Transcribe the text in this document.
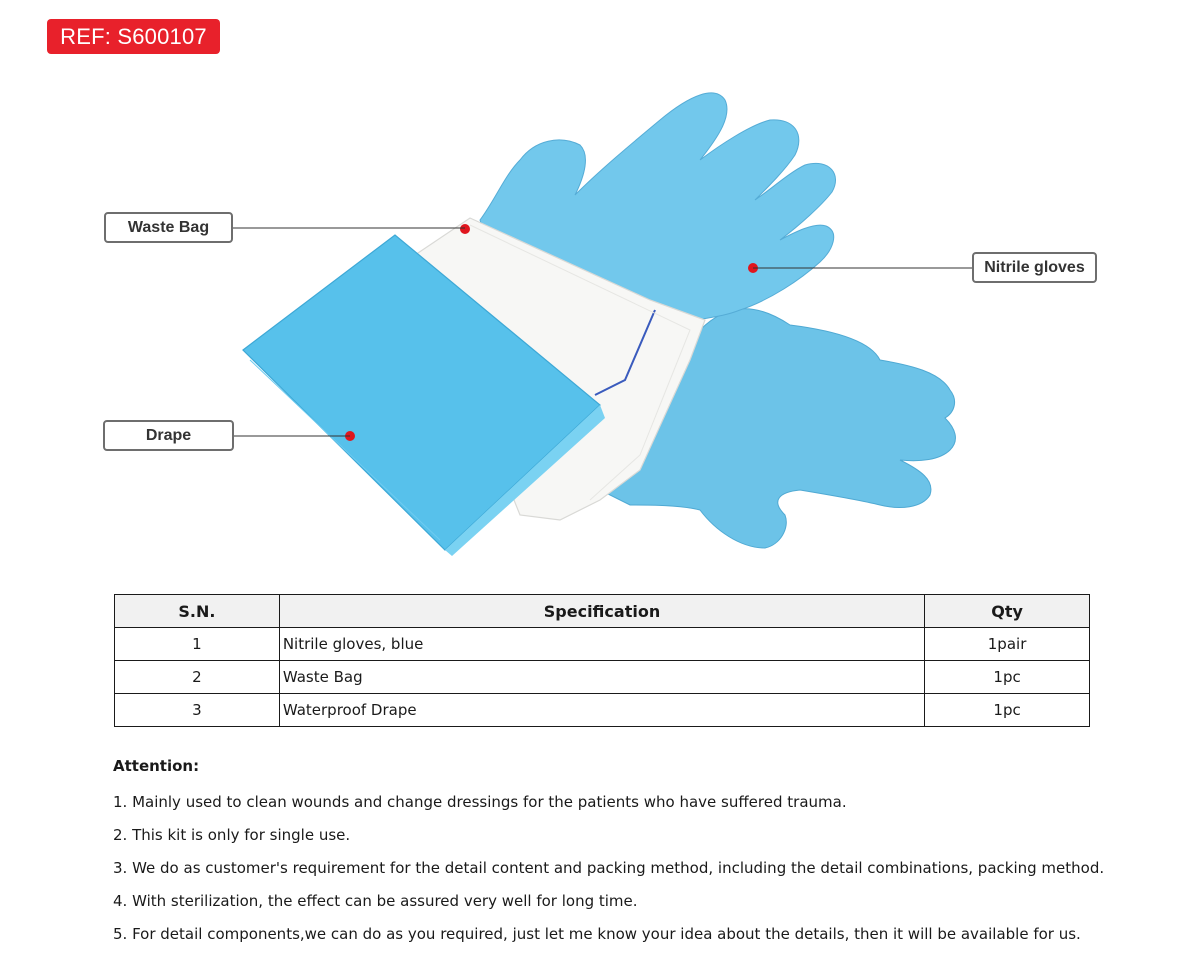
REF: S600107
Waste Bag
Drape
Nitrile gloves
S.N.	Specification	Qty
1	Nitrile gloves, blue	1pair
2	Waste Bag	1pc
3	Waterproof Drape	1pc
Attention:
1. Mainly used to clean wounds and change dressings for the patients who have suffered trauma.
2. This kit is only for single use.
3. We do as customer's requirement for the detail content and packing method, including the detail combinations, packing method.
4. With sterilization, the effect can be assured very well for long time.
5. For detail components,we can do as you required, just let me know your idea about the details, then it will be available for us.
